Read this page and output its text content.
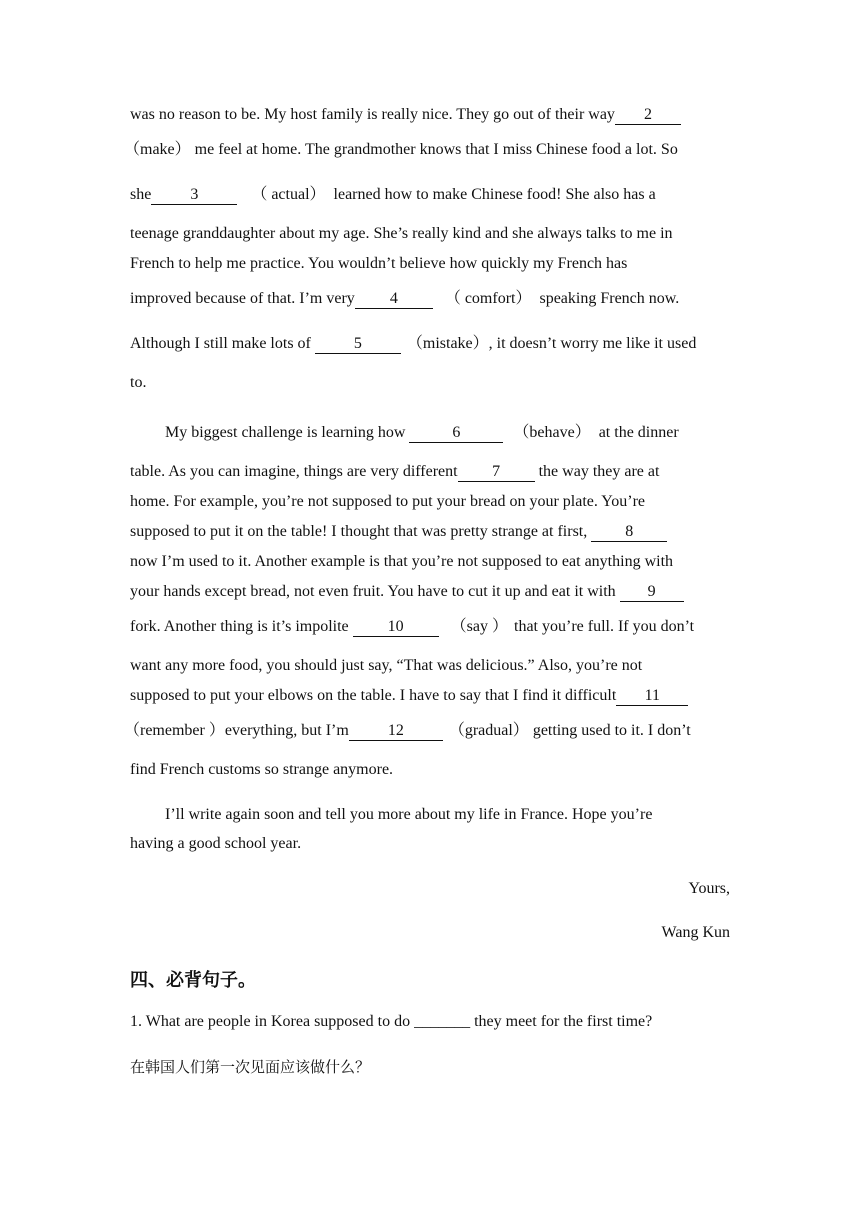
was no reason to be. My host family is really nice. They go out of their way 2
（make） me feel at home. The grandmother knows that I miss Chinese food a lot. So
she 3	（ actual） learned how to make Chinese food! She also has a
teenage granddaughter about my age. She’s really kind and she always talks to me in
French to help me practice. You wouldn’t believe how quickly my French has
improved because of that. I’m very 4	（ comfort） speaking French now.
Although I still make lots of 5	（mistake）, it doesn’t worry me like it used
to.
My biggest challenge is learning how	6	（behave） at the dinner
table. As you can imagine, things are very different 7 the way they are at
home. For example, you’re not supposed to put your bread on your plate. You’re
supposed to put it on the table! I thought that was pretty strange at first, 8
now I’m used to it. Another example is that you’re not supposed to eat anything with
your hands except bread, not even fruit. You have to cut it up and eat it with 9
fork. Another thing is it’s impolite 10	（say ） that you’re full. If you don’t
want any more food, you should just say, “That was delicious.” Also, you’re not
supposed to put your elbows on the table. I have to say that I find it difficult 11
（remember ）everything, but I’m 12	（gradual） getting used to it. I don’t
find French customs so strange anymore.
I’ll write again soon and tell you more about my life in France. Hope you’re
having a good school year.
Yours,
Wang Kun
四、必背句子。
1. What are people in Korea supposed to do _______ they meet for the first time?
在韩国人们第一次见面应该做什么？
